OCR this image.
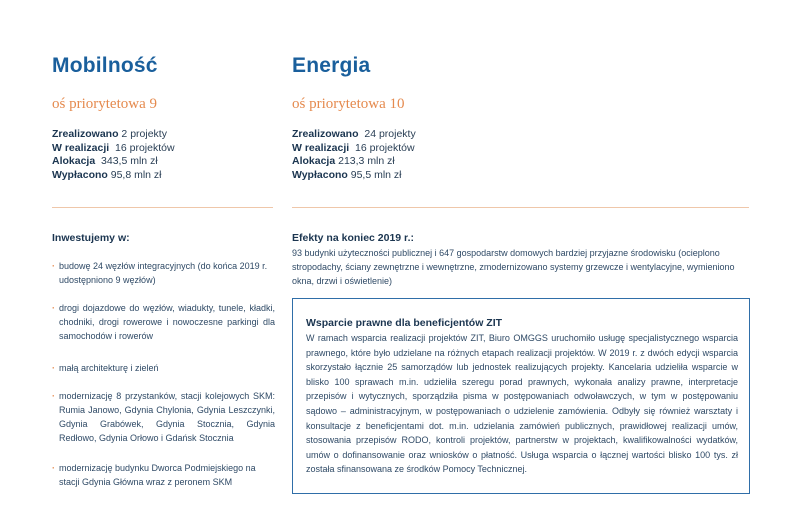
Mobilność
oś priorytetowa 9
Zrealizowano 2 projekty
W realizacji  16 projektów
Alokacja  343,5 mln zł
Wypłacono 95,8 mln zł
Inwestujemy w:
· budowę 24 węzłów integracyjnych (do końca 2019 r. udostępniono 9 węzłów)
· drogi dojazdowe do węzłów, wiadukty, tunele, kładki, chodniki, drogi rowerowe i nowoczesne parkingi dla samochodów i rowerów
· małą architekturę i zieleń
· modernizację 8 przystanków, stacji kolejowych SKM: Rumia Janowo, Gdynia Chylonia, Gdynia Leszczynki, Gdynia Grabówek, Gdynia Stocznia, Gdynia Redłowo, Gdynia Orłowo i Gdańsk Stocznia
· modernizację budynku Dworca Podmiejskiego na stacji Gdynia Główna wraz z peronem SKM
Energia
oś priorytetowa 10
Zrealizowano  24 projekty
W realizacji  16 projektów
Alokacja 213,3 mln zł
Wypłacono 95,5 mln zł
Efekty na koniec 2019 r.:
93 budynki użyteczności publicznej i 647 gospodarstw domowych bardziej przyjazne środowisku (ocieplono stropodachy, ściany zewnętrzne i wewnętrzne, zmodernizowano systemy grzewcze i wentylacyjne, wymieniono okna, drzwi i oświetlenie)
Wsparcie prawne dla beneficjentów ZIT
W ramach wsparcia realizacji projektów ZIT, Biuro OMGGS uruchomiło usługę specjalistycznego wsparcia prawnego, które było udzielane na różnych etapach realizacji projektów. W 2019 r. z dwóch edycji wsparcia skorzystało łącznie 25 samorządów lub jednostek realizujących projekty. Kancelaria udzieliła wsparcie w blisko 100 sprawach m.in. udzieliła szeregu porad prawnych, wykonała analizy prawne, interpretacje przepisów i wytycznych, sporządziła pisma w postępowaniach odwoławczych, w tym w postępowaniu sądowo – administracyjnym, w postępowaniach o udzielenie zamówienia. Odbyły się również warsztaty i konsultacje z beneficjentami dot. m.in. udzielania zamówień publicznych, prawidłowej realizacji umów, stosowania przepisów RODO, kontroli projektów, partnerstw w projektach, kwalifikowalności wydatków, umów o dofinansowanie oraz wniosków o płatność. Usługa wsparcia o łącznej wartości blisko 100 tys. zł została sfinansowana ze środków Pomocy Technicznej.
